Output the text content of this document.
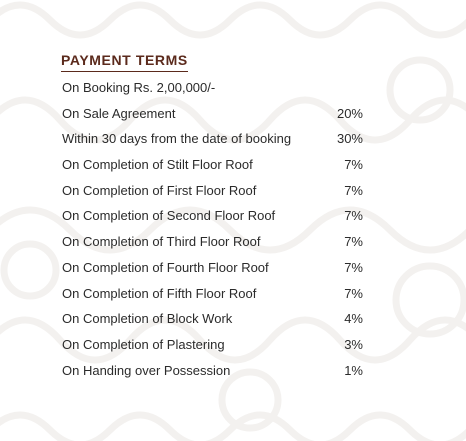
PAYMENT TERMS
On Booking Rs. 2,00,000/-
On Sale Agreement	20%
Within 30 days from the date of booking	30%
On Completion of Stilt Floor Roof	7%
On Completion of First Floor Roof	7%
On Completion of Second Floor Roof	7%
On Completion of Third Floor Roof	7%
On Completion of Fourth Floor Roof	7%
On Completion of Fifth Floor Roof	7%
On Completion of Block Work	4%
On Completion of Plastering	3%
On Handing over Possession	1%
